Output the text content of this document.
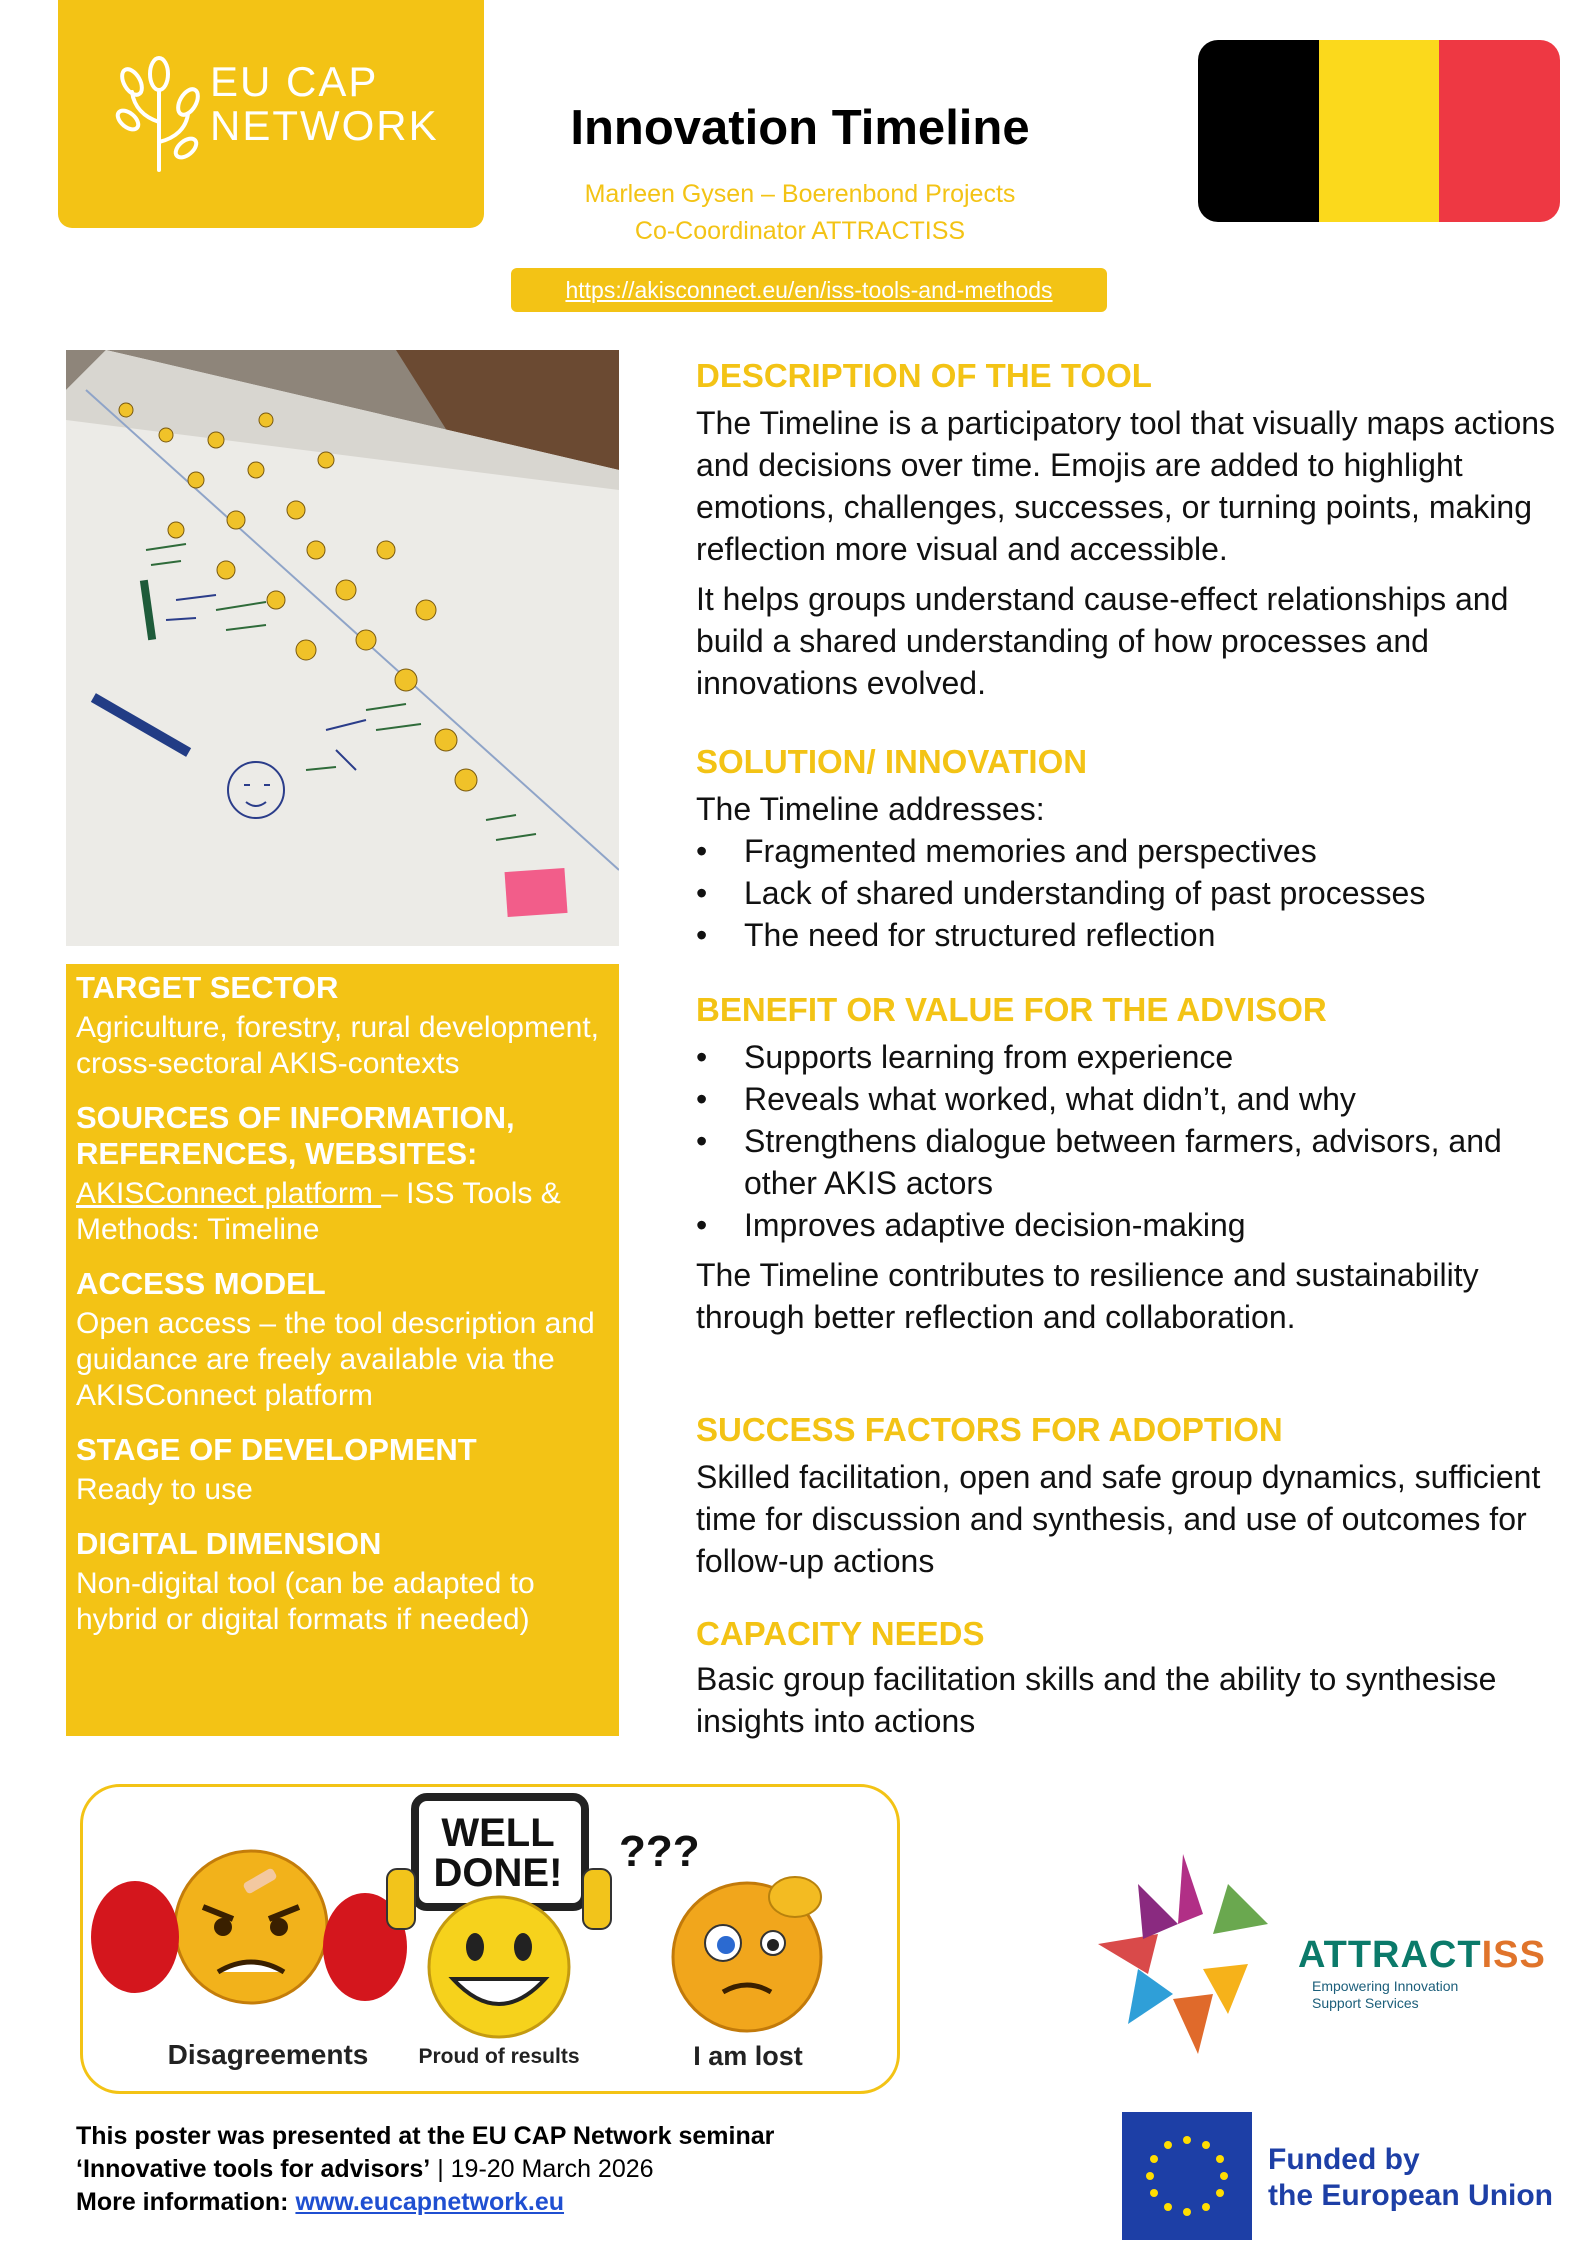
EU CAP
NETWORK	Innovation Timeline
Marleen Gysen – Boerenbond Projects
Co-Coordinator ATTRACTISS
https://akisconnect.eu/en/iss-tools-and-methods
TARGET SECTOR

Agriculture, forestry, rural development, cross-sectoral AKIS-contexts

SOURCES OF INFORMATION, REFERENCES, WEBSITES:

AKISConnect platform – ISS Tools & Methods: Timeline

ACCESS MODEL

Open access – the tool description and guidance are freely available via the AKISConnect platform

STAGE OF DEVELOPMENT

Ready to use

DIGITAL DIMENSION

Non-digital tool (can be adapted to hybrid or digital formats if needed)

DESCRIPTION OF THE TOOL

The Timeline is a participatory tool that visually maps actions and decisions over time. Emojis are added to highlight emotions, challenges, successes, or turning points, making reflection more visual and accessible.

It helps groups understand cause-effect relationships and build a shared understanding of how processes and innovations evolved.

SOLUTION/ INNOVATION

The Timeline addresses:

• Fragmented memories and perspectives
• Lack of shared understanding of past processes
• The need for structured reflection
BENEFIT OR VALUE FOR THE ADVISOR
• Supports learning from experience
• Reveals what worked, what didn’t, and why
• Strengthens dialogue between farmers, advisors, and other AKIS actors
• Improves adaptive decision-making

The Timeline contributes to resilience and sustainability through better reflection and collaboration.

SUCCESS FACTORS FOR ADOPTION

Skilled facilitation, open and safe group dynamics, sufficient time for discussion and synthesis, and use of outcomes for follow-up actions

CAPACITY NEEDS

Basic group facilitation skills and the ability to synthesise insights into actions

WELL
DONE!	???
Disagreements	Proud of results	I am lost
ATTRACTISS
Empowering Innovation
Support Services
This poster was presented at the EU CAP Network seminar
‘Innovative tools for advisors’ | 19-20 March 2026
More information: www.eucapnetwork.eu
Funded by
the European Union
